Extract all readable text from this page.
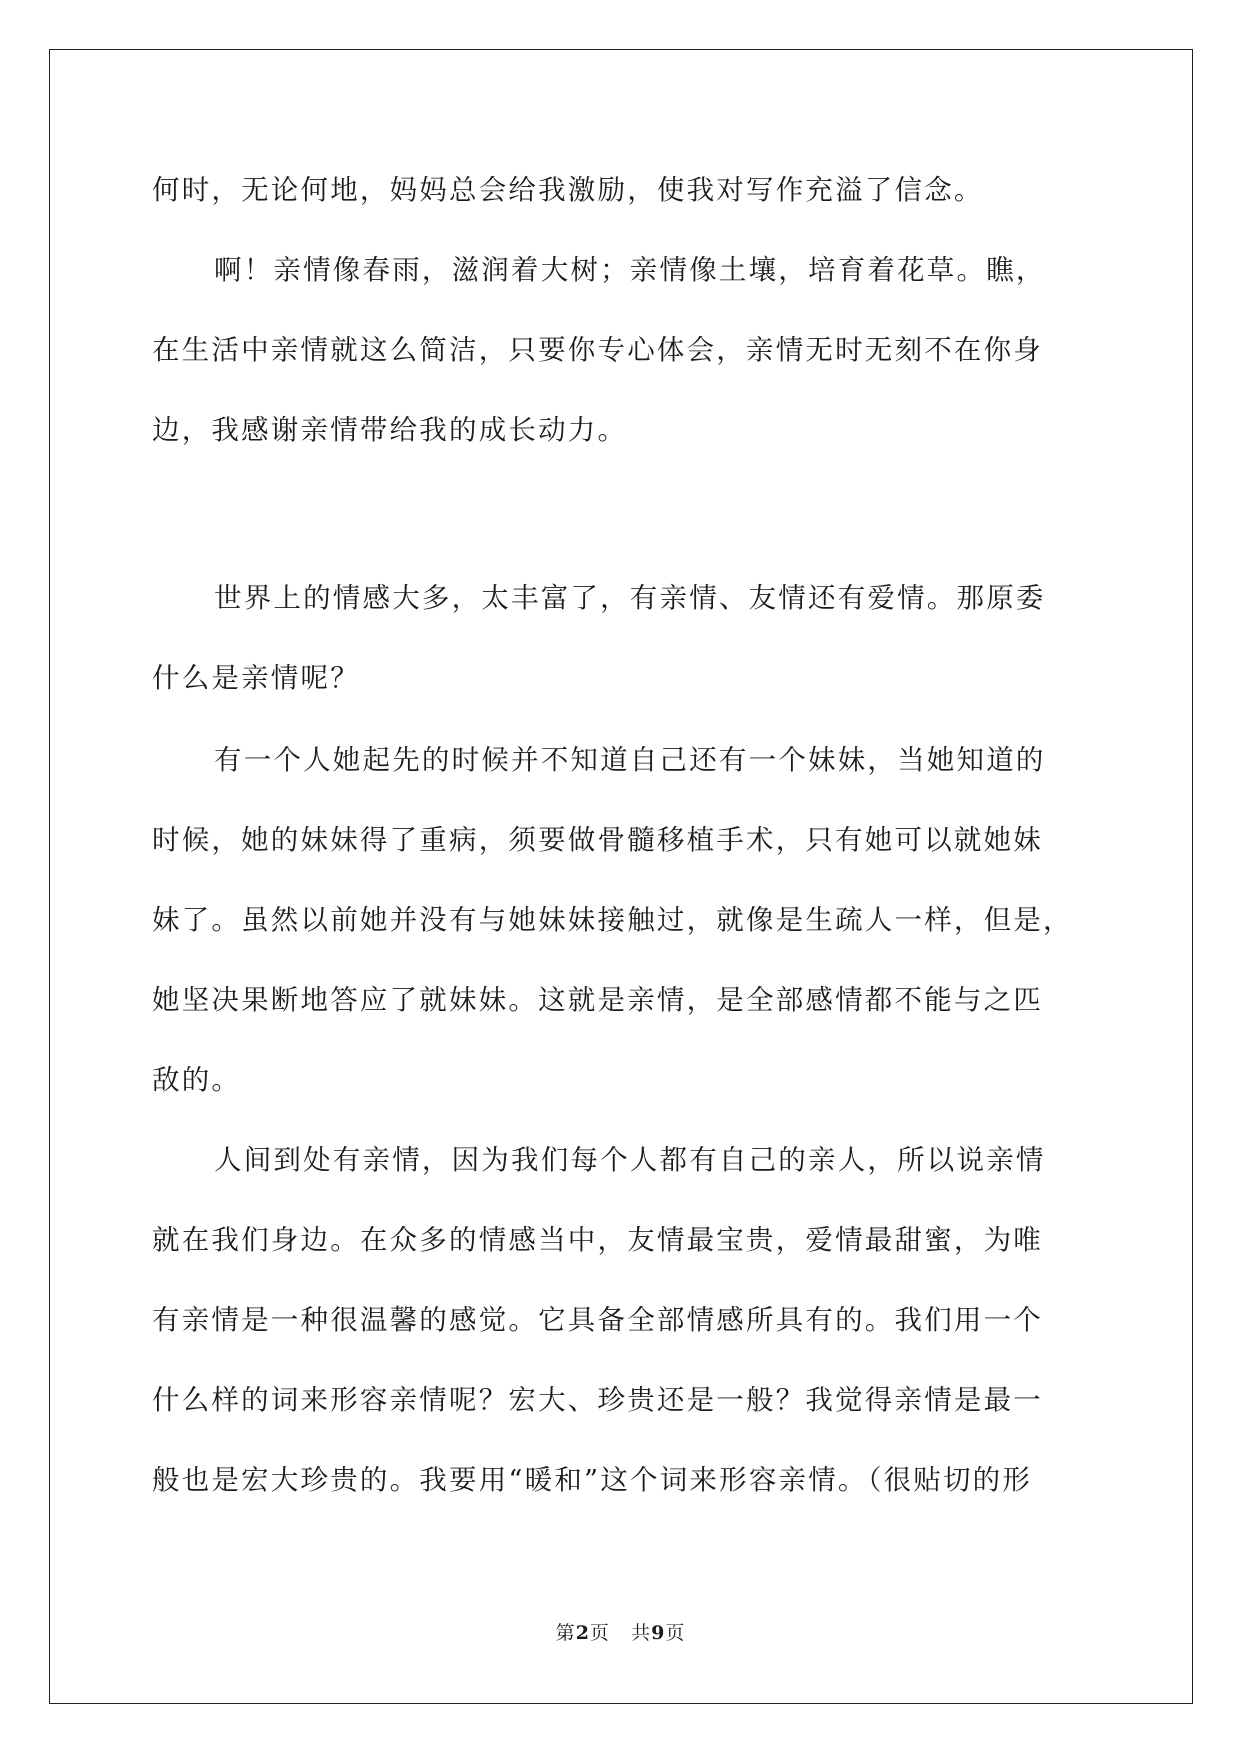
何时，无论何地，妈妈总会给我激励，使我对写作充溢了信念。
啊！亲情像春雨，滋润着大树；亲情像土壤，培育着花草。瞧，
在生活中亲情就这么简洁，只要你专心体会，亲情无时无刻不在你身
边，我感谢亲情带给我的成长动力。
世界上的情感大多，太丰富了，有亲情、友情还有爱情。那原委
什么是亲情呢？
有一个人她起先的时候并不知道自己还有一个妹妹，当她知道的
时候，她的妹妹得了重病，须要做骨髓移植手术，只有她可以就她妹
妹了。虽然以前她并没有与她妹妹接触过，就像是生疏人一样，但是，
她坚决果断地答应了就妹妹。这就是亲情，是全部感情都不能与之匹
敌的。
人间到处有亲情，因为我们每个人都有自己的亲人，所以说亲情
就在我们身边。在众多的情感当中，友情最宝贵，爱情最甜蜜，为唯
有亲情是一种很温馨的感觉。它具备全部情感所具有的。我们用一个
什么样的词来形容亲情呢？宏大、珍贵还是一般？我觉得亲情是最一
般也是宏大珍贵的。我要用“暖和”这个词来形容亲情。（很贴切的形
第2页 共9页
